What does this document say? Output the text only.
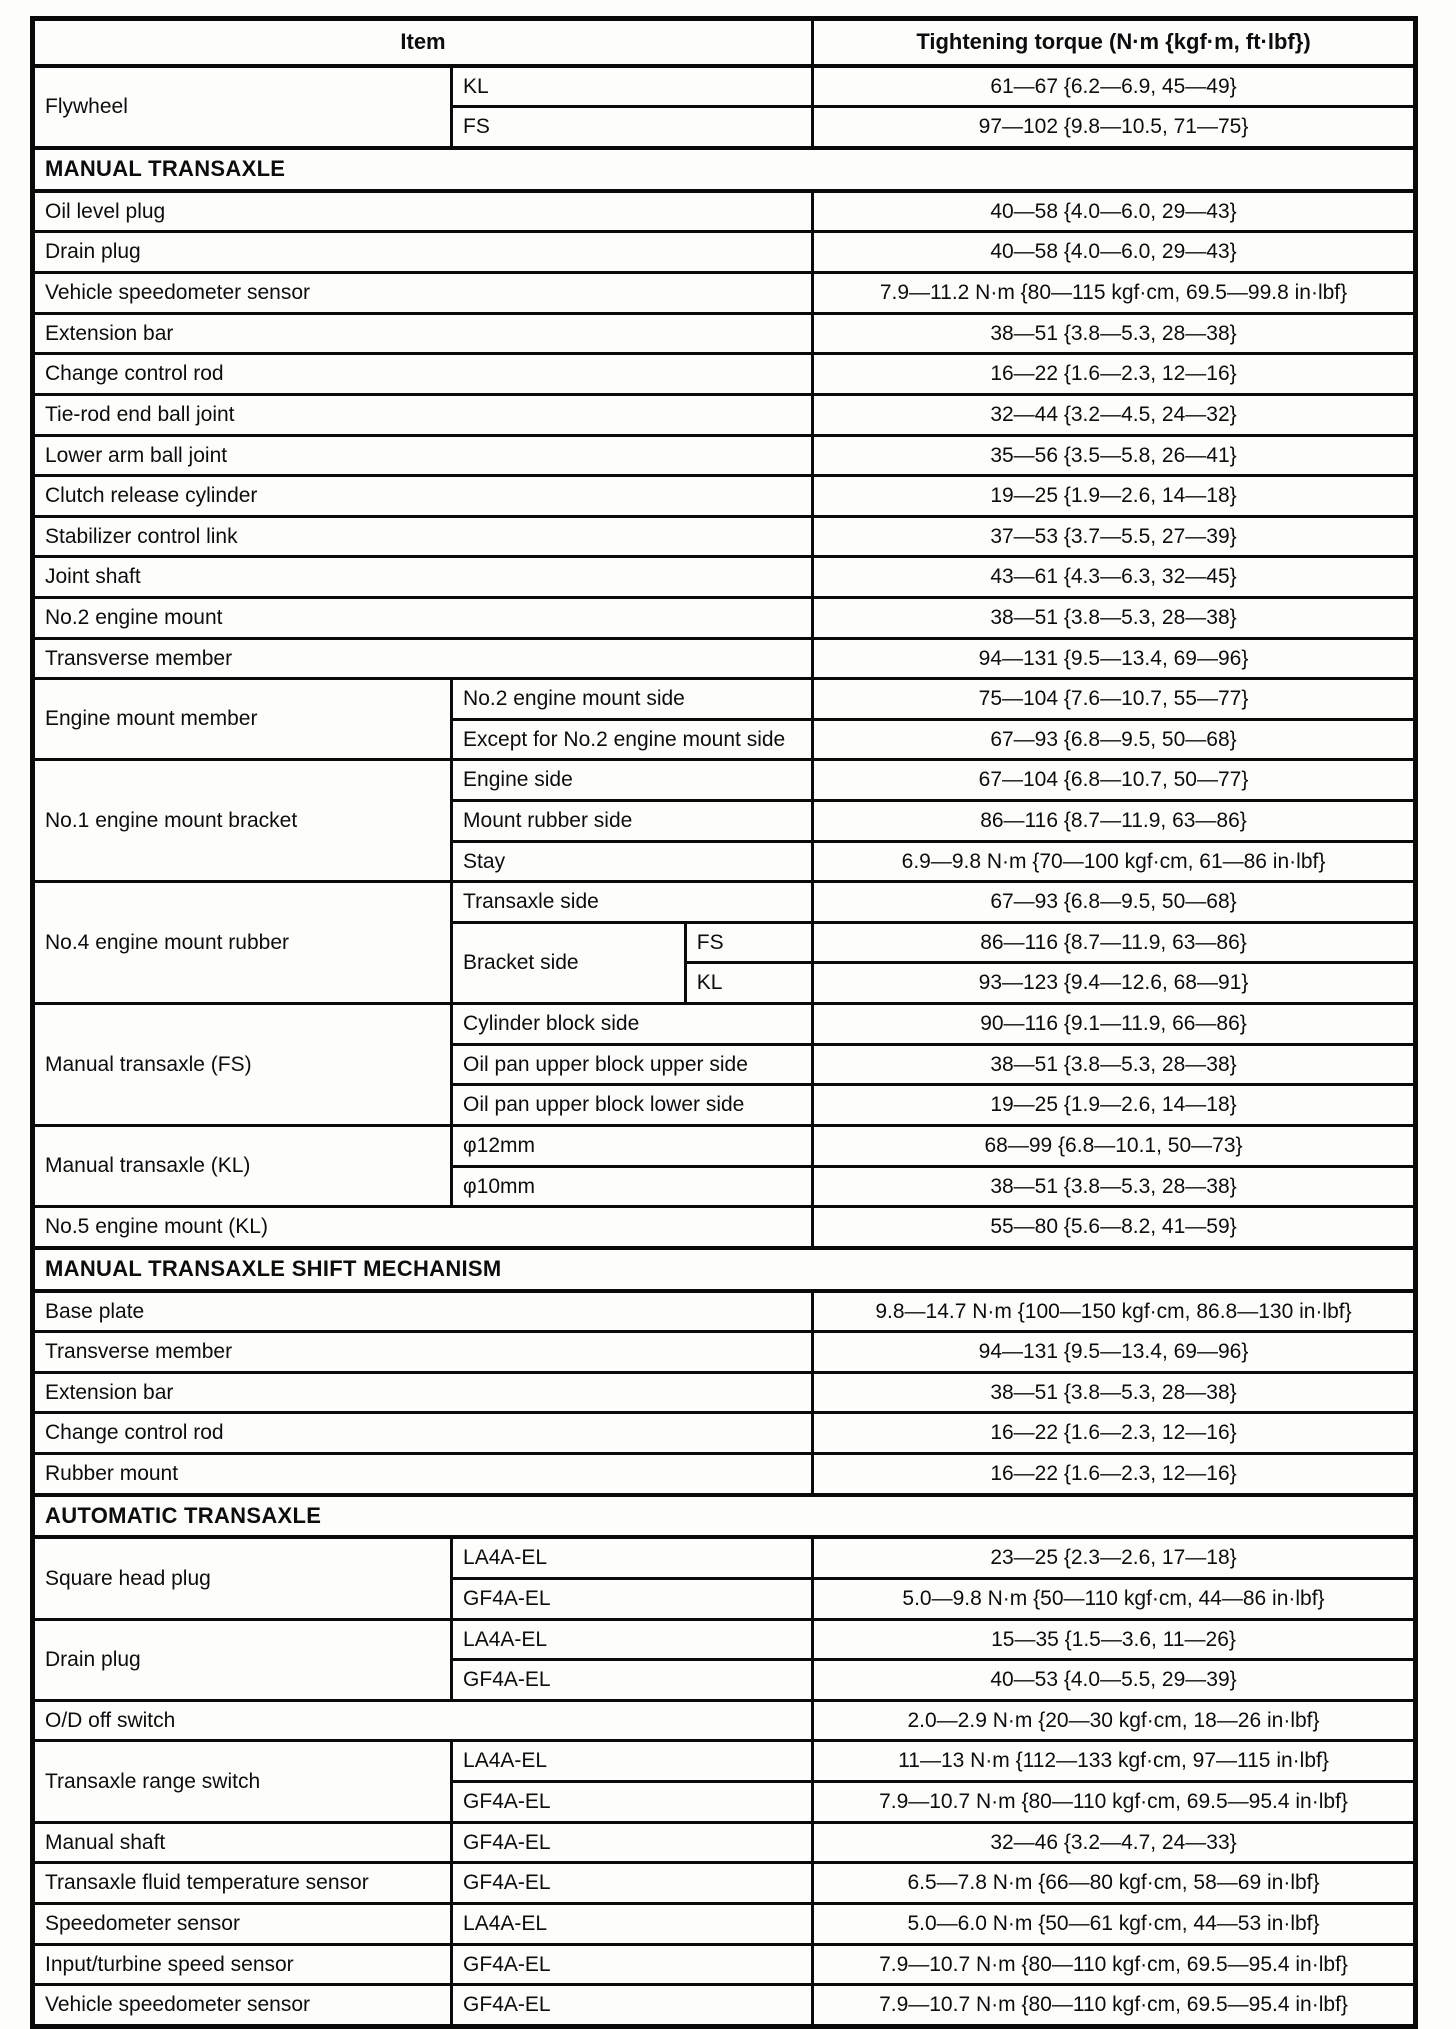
Item			Tightening torque (N·m {kgf·m, ft·lbf})
Flywheel	KL		61—67 {6.2—6.9, 45—49}
	FS		97—102 {9.8—10.5, 71—75}
MANUAL TRANSAXLE			
Oil level plug			40—58 {4.0—6.0, 29—43}
Drain plug			40—58 {4.0—6.0, 29—43}
Vehicle speedometer sensor			7.9—11.2 N·m {80—115 kgf·cm, 69.5—99.8 in·lbf}
Extension bar			38—51 {3.8—5.3, 28—38}
Change control rod			16—22 {1.6—2.3, 12—16}
Tie-rod end ball joint			32—44 {3.2—4.5, 24—32}
Lower arm ball joint			35—56 {3.5—5.8, 26—41}
Clutch release cylinder			19—25 {1.9—2.6, 14—18}
Stabilizer control link			37—53 {3.7—5.5, 27—39}
Joint shaft			43—61 {4.3—6.3, 32—45}
No.2 engine mount			38—51 {3.8—5.3, 28—38}
Transverse member			94—131 {9.5—13.4, 69—96}
Engine mount member	No.2 engine mount side		75—104 {7.6—10.7, 55—77}
	Except for No.2 engine mount side		67—93 {6.8—9.5, 50—68}
No.1 engine mount bracket	Engine side		67—104 {6.8—10.7, 50—77}
	Mount rubber side		86—116 {8.7—11.9, 63—86}
	Stay		6.9—9.8 N·m {70—100 kgf·cm, 61—86 in·lbf}
No.4 engine mount rubber	Transaxle side		67—93 {6.8—9.5, 50—68}
	Bracket side	FS	86—116 {8.7—11.9, 63—86}
		KL	93—123 {9.4—12.6, 68—91}
Manual transaxle (FS)	Cylinder block side		90—116 {9.1—11.9, 66—86}
	Oil pan upper block upper side		38—51 {3.8—5.3, 28—38}
	Oil pan upper block lower side		19—25 {1.9—2.6, 14—18}
Manual transaxle (KL)	φ12mm		68—99 {6.8—10.1, 50—73}
	φ10mm		38—51 {3.8—5.3, 28—38}
No.5 engine mount (KL)			55—80 {5.6—8.2, 41—59}
MANUAL TRANSAXLE SHIFT MECHANISM			
Base plate			9.8—14.7 N·m {100—150 kgf·cm, 86.8—130 in·lbf}
Transverse member			94—131 {9.5—13.4, 69—96}
Extension bar			38—51 {3.8—5.3, 28—38}
Change control rod			16—22 {1.6—2.3, 12—16}
Rubber mount			16—22 {1.6—2.3, 12—16}
AUTOMATIC TRANSAXLE			
Square head plug	LA4A-EL		23—25 {2.3—2.6, 17—18}
	GF4A-EL		5.0—9.8 N·m {50—110 kgf·cm, 44—86 in·lbf}
Drain plug	LA4A-EL		15—35 {1.5—3.6, 11—26}
	GF4A-EL		40—53 {4.0—5.5, 29—39}
O/D off switch			2.0—2.9 N·m {20—30 kgf·cm, 18—26 in·lbf}
Transaxle range switch	LA4A-EL		11—13 N·m {112—133 kgf·cm, 97—115 in·lbf}
	GF4A-EL		7.9—10.7 N·m {80—110 kgf·cm, 69.5—95.4 in·lbf}
Manual shaft	GF4A-EL		32—46 {3.2—4.7, 24—33}
Transaxle fluid temperature sensor	GF4A-EL		6.5—7.8 N·m {66—80 kgf·cm, 58—69 in·lbf}
Speedometer sensor	LA4A-EL		5.0—6.0 N·m {50—61 kgf·cm, 44—53 in·lbf}
Input/turbine speed sensor	GF4A-EL		7.9—10.7 N·m {80—110 kgf·cm, 69.5—95.4 in·lbf}
Vehicle speedometer sensor	GF4A-EL		7.9—10.7 N·m {80—110 kgf·cm, 69.5—95.4 in·lbf}
